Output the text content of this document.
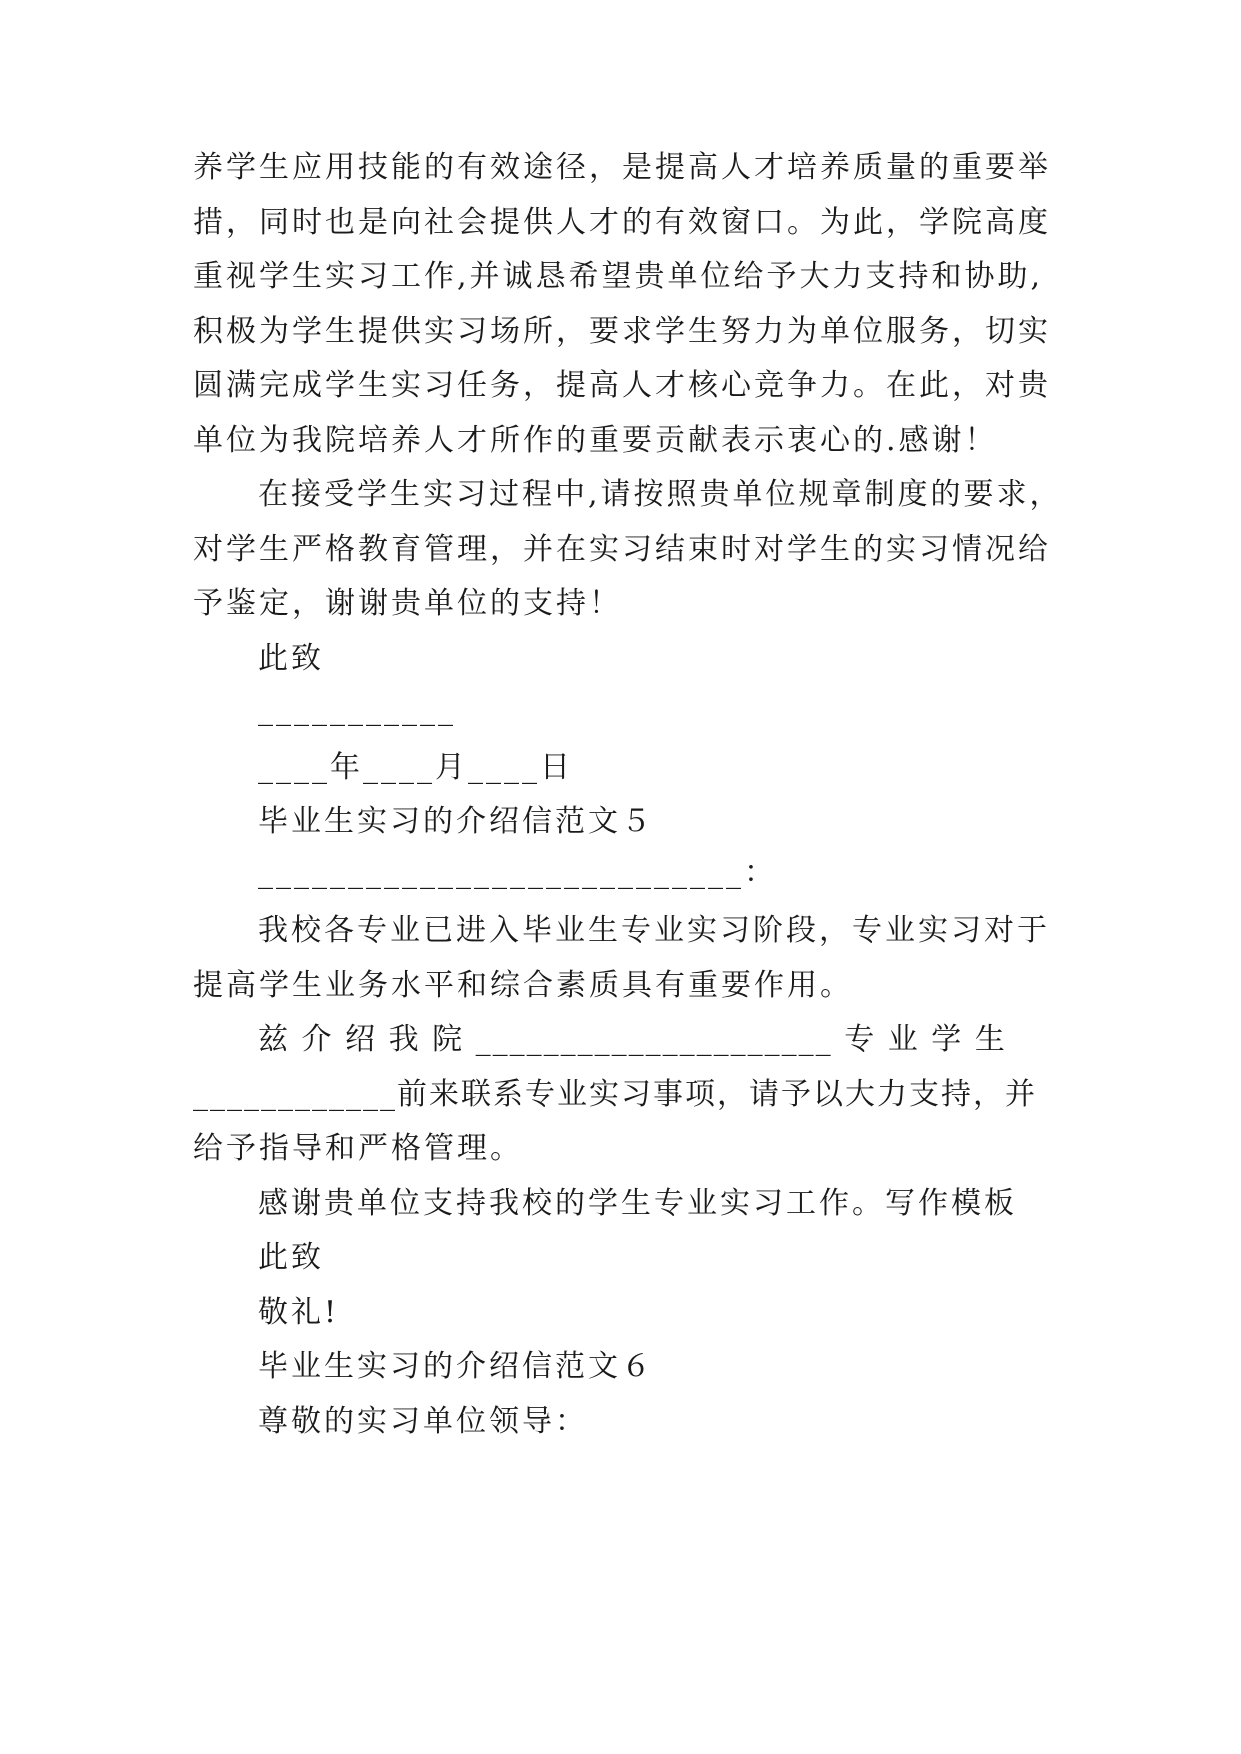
养学生应用技能的有效途径，是提高人才培养质量的重要举
措，同时也是向社会提供人才的有效窗口。为此，学院高度
重视学生实习工作,并诚恳希望贵单位给予大力支持和协助,
积极为学生提供实习场所，要求学生努力为单位服务，切实
圆满完成学生实习任务，提高人才核心竞争力。在此，对贵
单位为我院培养人才所作的重要贡献表示衷心的.感谢！
在接受学生实习过程中,请按照贵单位规章制度的要求，
对学生严格教育管理，并在实习结束时对学生的实习情况给
予鉴定，谢谢贵单位的支持！
此致
___________
____年____月____日
毕业生实习的介绍信范文５
___________________________：
我校各专业已进入毕业生专业实习阶段，专业实习对于
提高学生业务水平和综合素质具有重要作用。
兹 介 绍 我 院 _____________________ 专 业 学 生
____________前来联系专业实习事项，请予以大力支持，并
给予指导和严格管理。
感谢贵单位支持我校的学生专业实习工作。写作模板
此致
敬礼!
毕业生实习的介绍信范文６
尊敬的实习单位领导：
